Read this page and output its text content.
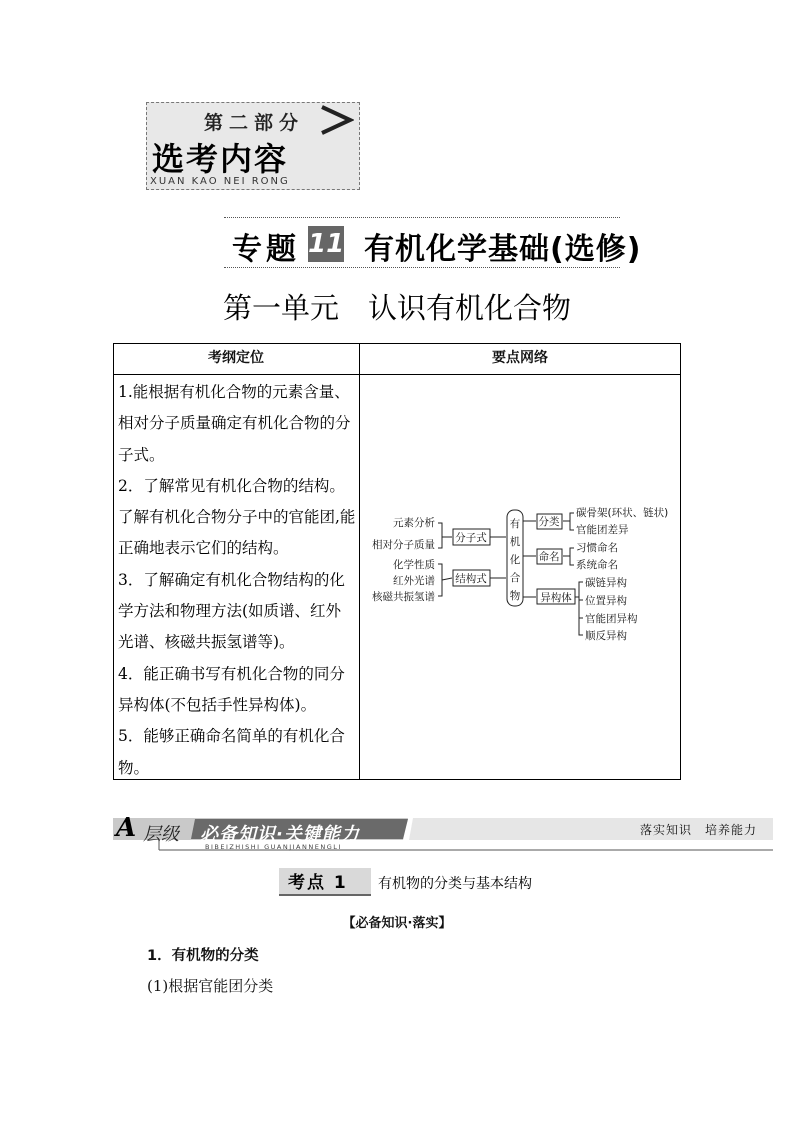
第二部分
选考内容
XUAN KAO NEI RONG
专题 11 有机化学基础(选修)
第一单元　认识有机化合物
考纲定位	要点网络

1.能根据有机化合物的元素含量、相对分子质量确定有机化合物的分子式。

2．了解常见有机化合物的结构。了解有机化合物分子中的官能团,能正确地表示它们的结构。

3．了解确定有机化合物结构的化学方法和物理方法(如质谱、红外光谱、核磁共振氢谱等)。

4．能正确书写有机化合物的同分异构体(不包括手性异构体)。

5．能够正确命名简单的有机化合物。

元素分析
相对分子质量
化学性质
红外光谱
核磁共振氢谱
分子式
结构式
有
机
化
合
物
分类
命名
异构体
碳骨架(环状、链状)
官能团差异
习惯命名
系统命名
碳链异构
位置异构
官能团异构
顺反异构
A 层级 必备知识·关键能力
BIBEIZHISHI GUANJIANNENGLI
落实知识　培养能力
考点 1 有机物的分类与基本结构
【必备知识·落实】
1．有机物的分类
(1)根据官能团分类
